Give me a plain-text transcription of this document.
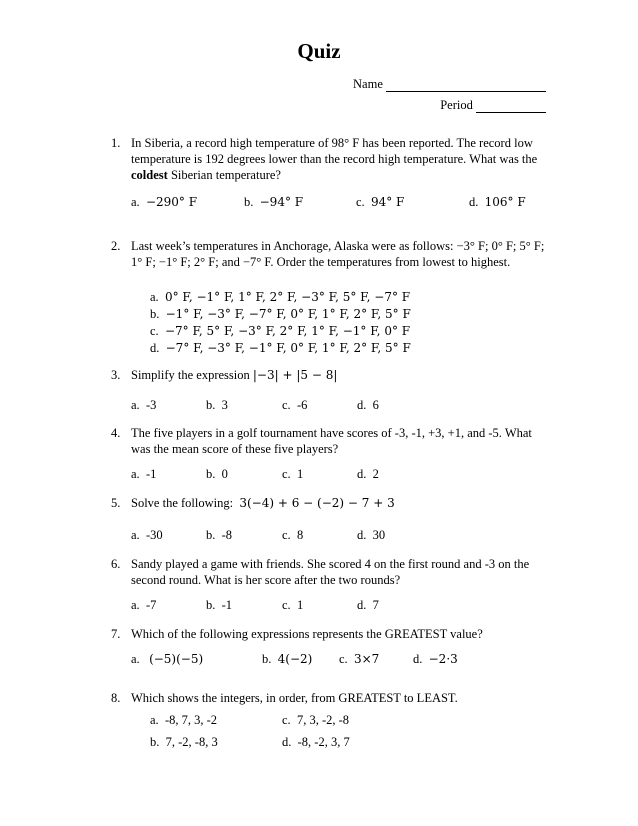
Quiz
Name
Period
1. In Siberia, a record high temperature of 98° F has been reported. The record low temperature is 192 degrees lower than the record high temperature. What was the coldest Siberian temperature?
a. −290° F	b. −94° F	c. 94° F	d. 106° F
2. Last week’s temperatures in Anchorage, Alaska were as follows: −3° F; 0° F; 5° F; 1° F; −1° F; 2° F; and −7° F. Order the temperatures from lowest to highest.
a. 0° F, −1° F, 1° F, 2° F, −3° F, 5° F, −7° F
b. −1° F, −3° F, −7° F, 0° F, 1° F, 2° F, 5° F
c. −7° F, 5° F, −3° F, 2° F, 1° F, −1° F, 0° F
d. −7° F, −3° F, −1° F, 0° F, 1° F, 2° F, 5° F
3. Simplify the expression |−3| + |5 − 8|
a. -3	b. 3	c. -6	d. 6
4. The five players in a golf tournament have scores of -3, -1, +3, +1, and -5. What was the mean score of these five players?
a. -1	b. 0	c. 1	d. 2
5. Solve the following: 3(−4) + 6 − (−2) − 7 + 3
a. -30	b. -8	c. 8	d. 30
6. Sandy played a game with friends. She scored 4 on the first round and -3 on the second round. What is her score after the two rounds?
a. -7	b. -1	c. 1	d. 7
7. Which of the following expressions represents the GREATEST value?
a. (−5)(−5)	b. 4(−2) c. 3×7	d. −2·3
8. Which shows the integers, in order, from GREATEST to LEAST.
a. -8, 7, 3, -2
b. 7, -2, -8, 3
c. 7, 3, -2, -8
d. -8, -2, 3, 7
